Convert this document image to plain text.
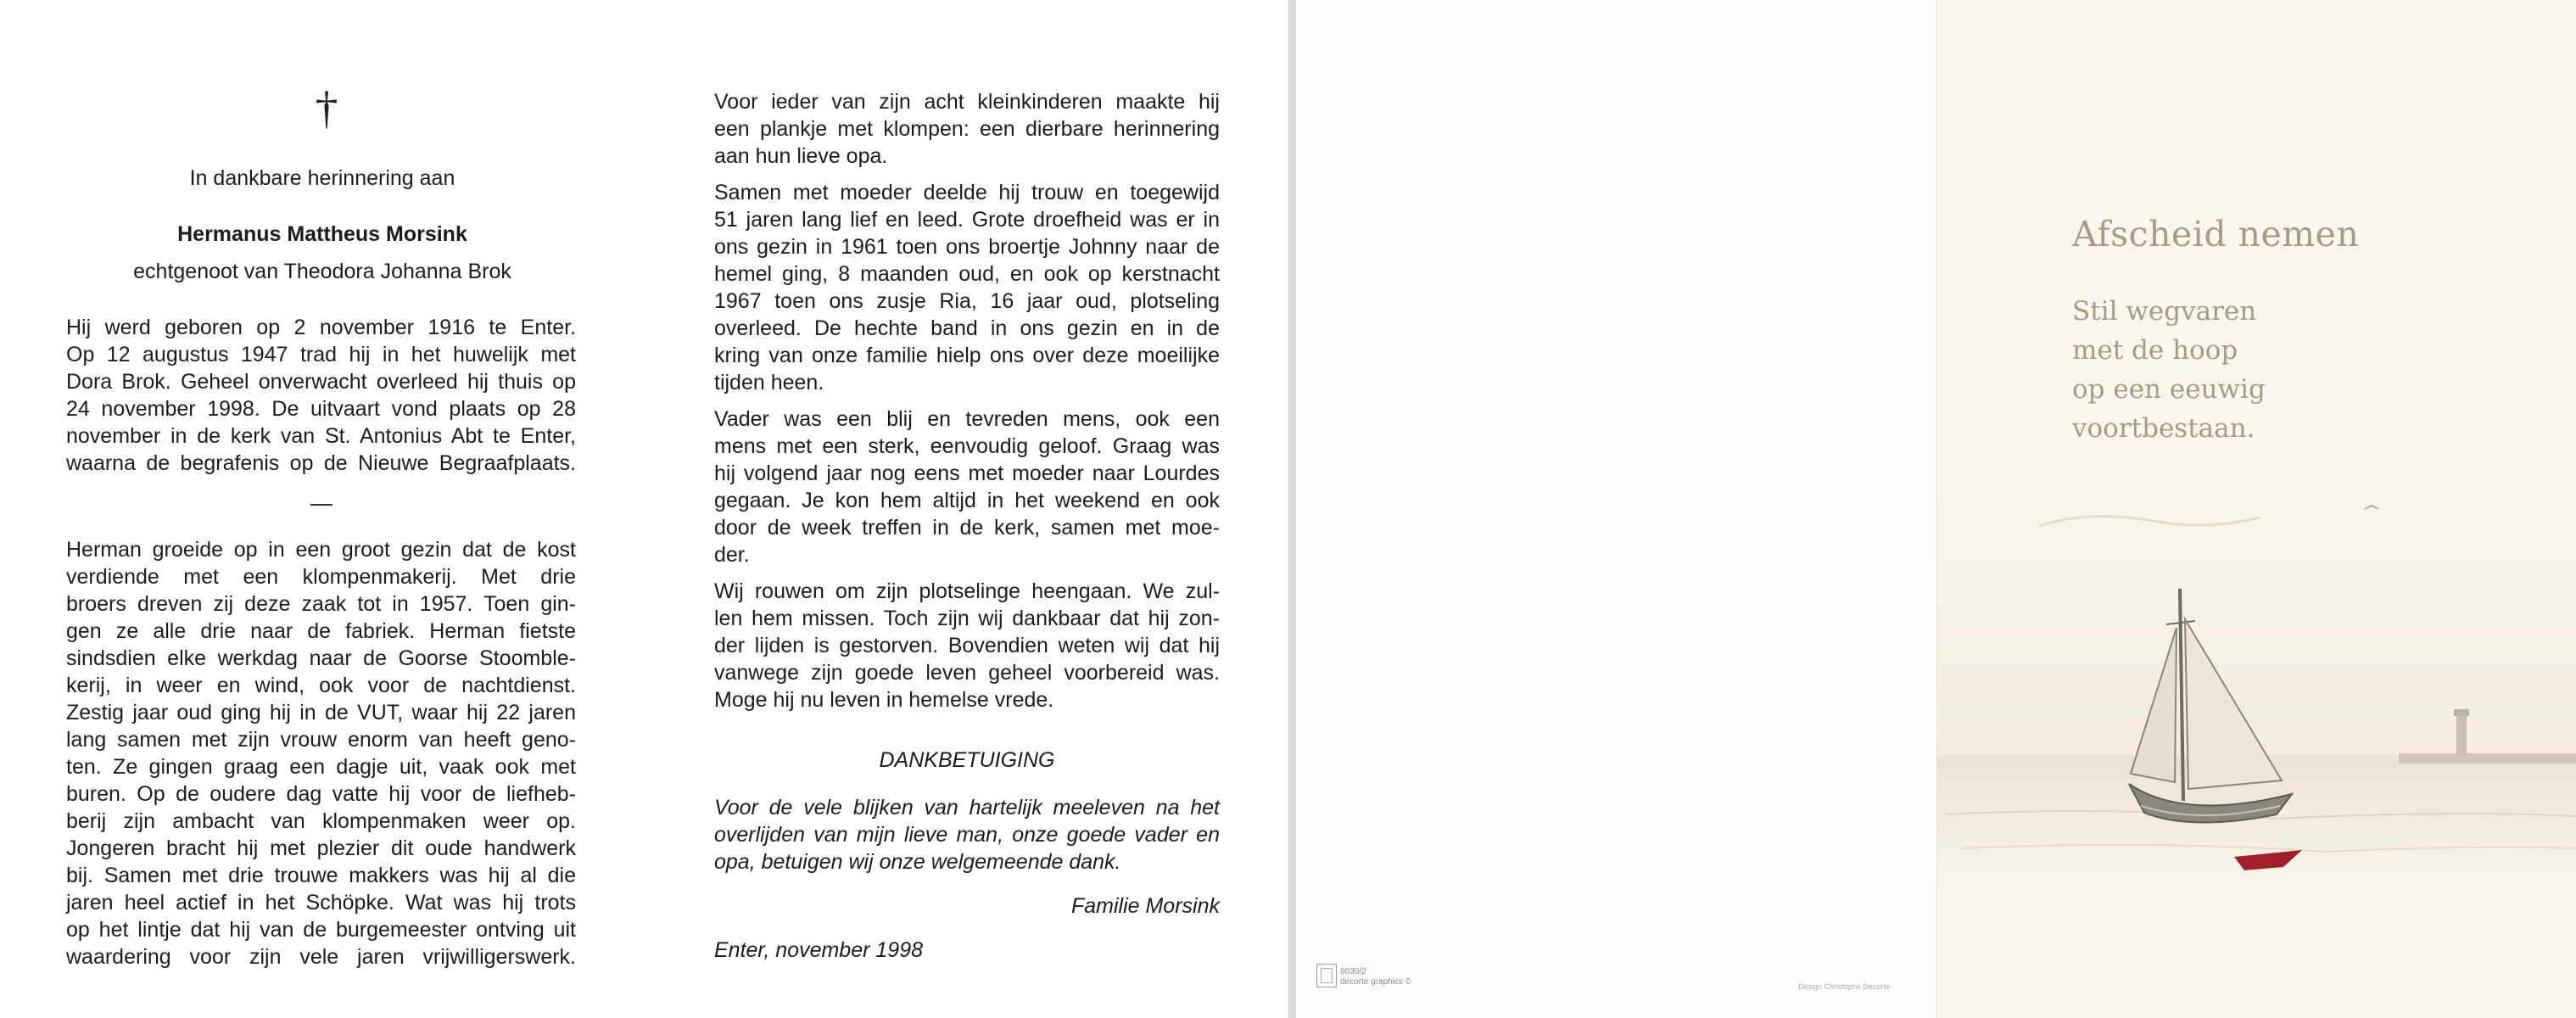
†
In dankbare herinnering aan
Hermanus Mattheus Morsink
echtgenoot van Theodora Johanna Brok
Hij werd geboren op 2 november 1916 te Enter.
Op 12 augustus 1947 trad hij in het huwelijk met
Dora Brok. Geheel onverwacht overleed hij thuis op
24 november 1998. De uitvaart vond plaats op 28
november in de kerk van St. Antonius Abt te Enter,
waarna de begrafenis op de Nieuwe Begraafplaats.
Herman groeide op in een groot gezin dat de kost
verdiende met een klompenmakerij. Met drie
broers dreven zij deze zaak tot in 1957. Toen gin-
gen ze alle drie naar de fabriek. Herman fietste
sindsdien elke werkdag naar de Goorse Stoomble-
kerij, in weer en wind, ook voor de nachtdienst.
Zestig jaar oud ging hij in de VUT, waar hij 22 jaren
lang samen met zijn vrouw enorm van heeft geno-
ten. Ze gingen graag een dagje uit, vaak ook met
buren. Op de oudere dag vatte hij voor de liefheb-
berij zijn ambacht van klompenmaken weer op.
Jongeren bracht hij met plezier dit oude handwerk
bij. Samen met drie trouwe makkers was hij al die
jaren heel actief in het Schöpke. Wat was hij trots
op het lintje dat hij van de burgemeester ontving uit
waardering voor zijn vele jaren vrijwilligerswerk.
Voor ieder van zijn acht kleinkinderen maakte hij
een plankje met klompen: een dierbare herinnering
aan hun lieve opa.
Samen met moeder deelde hij trouw en toegewijd
51 jaren lang lief en leed. Grote droefheid was er in
ons gezin in 1961 toen ons broertje Johnny naar de
hemel ging, 8 maanden oud, en ook op kerstnacht
1967 toen ons zusje Ria, 16 jaar oud, plotseling
overleed. De hechte band in ons gezin en in de
kring van onze familie hielp ons over deze moeilijke
tijden heen.
Vader was een blij en tevreden mens, ook een
mens met een sterk, eenvoudig geloof. Graag was
hij volgend jaar nog eens met moeder naar Lourdes
gegaan. Je kon hem altijd in het weekend en ook
door de week treffen in de kerk, samen met moe-
der.
Wij rouwen om zijn plotselinge heengaan. We zul-
len hem missen. Toch zijn wij dankbaar dat hij zon-
der lijden is gestorven. Bovendien weten wij dat hij
vanwege zijn goede leven geheel voorbereid was.
Moge hij nu leven in hemelse vrede.
DANKBETUIGING
Voor de vele blijken van hartelijk meeleven na het
overlijden van mijn lieve man, onze goede vader en
opa, betuigen wij onze welgemeende dank.
Familie Morsink
Enter, november 1998
6030/2
decorte graphics ©	Design Christophe Decorte
Afscheid nemen
Stil wegvaren
met de hoop
op een eeuwig
voortbestaan.
